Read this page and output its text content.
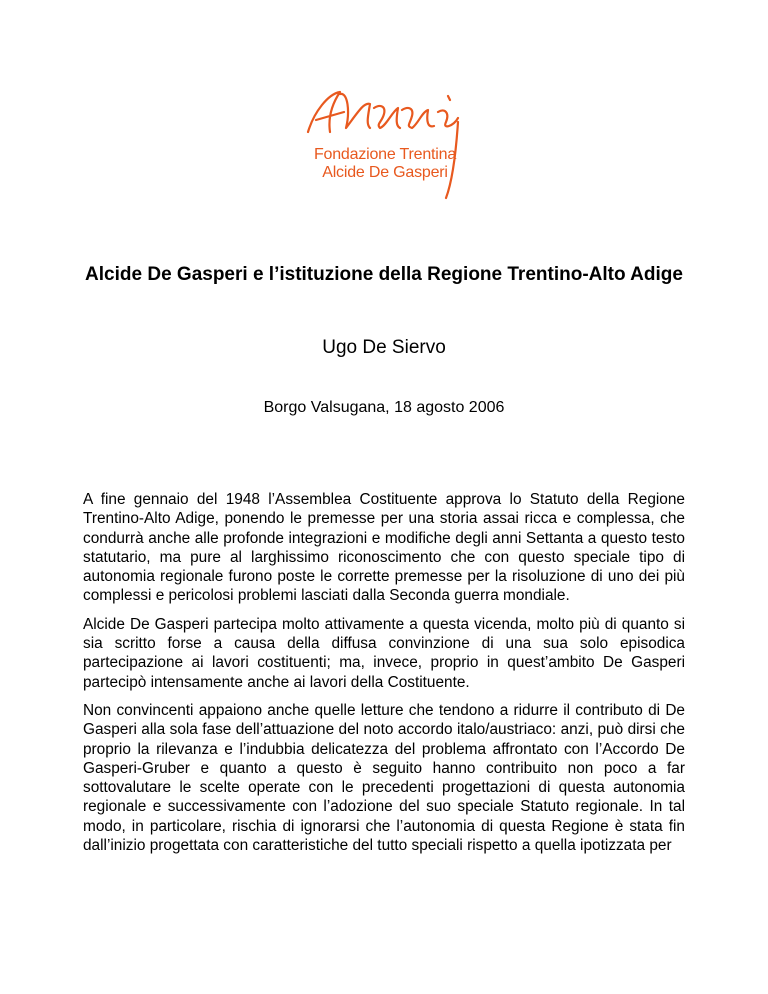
Fondazione Trentina
Alcide De Gasperi
Alcide De Gasperi e l’istituzione della Regione Trentino-Alto Adige
Ugo De Siervo
Borgo Valsugana, 18 agosto 2006

A fine gennaio del 1948 l’Assemblea Costituente approva lo Statuto della Regione Trentino-Alto Adige, ponendo le premesse per una storia assai ricca e complessa, che condurrà anche alle profonde integrazioni e modifiche degli anni Settanta a questo testo statutario, ma pure al larghissimo riconoscimento che con questo speciale tipo di autonomia regionale furono poste le corrette premesse per la risoluzione di uno dei più complessi e pericolosi problemi lasciati dalla Seconda guerra mondiale.

Alcide De Gasperi partecipa molto attivamente a questa vicenda, molto più di quanto si sia scritto forse a causa della diffusa convinzione di una sua solo episodica partecipazione ai lavori costituenti; ma, invece, proprio in quest’ambito De Gasperi partecipò intensamente anche ai lavori della Costituente.

Non convincenti appaiono anche quelle letture che tendono a ridurre il contributo di De Gasperi alla sola fase dell’attuazione del noto accordo italo/austriaco: anzi, può dirsi che proprio la rilevanza e l’indubbia delicatezza del problema affrontato con l’Accordo De Gasperi-Gruber e quanto a questo è seguito hanno contribuito non poco a far sottovalutare le scelte operate con le precedenti progettazioni di questa autonomia regionale e successivamente con l’adozione del suo speciale Statuto regionale. In tal modo, in particolare, rischia di ignorarsi che l’autonomia di questa Regione è stata fin dall’inizio progettata con caratteristiche del tutto speciali rispetto a quella ipotizzata per
